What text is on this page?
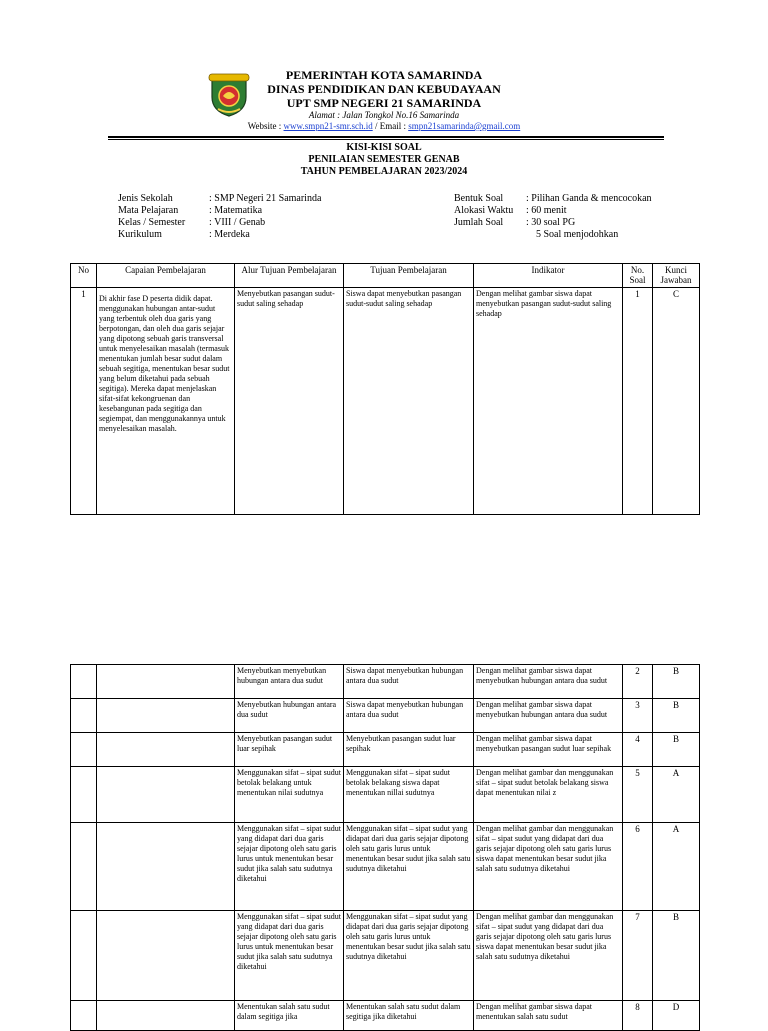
PEMERINTAH KOTA SAMARINDA
DINAS PENDIDIKAN DAN KEBUDAYAAN
UPT SMP NEGERI 21 SAMARINDA
Alamat : Jalan Tongkol No.16 Samarinda
Website : www.smpn21-smr.sch.id / Email : smpn21samarinda@gmail.com
KISI-KISI SOAL
PENILAIAN SEMESTER GENAB
TAHUN PEMBELAJARAN 2023/2024
Jenis Sekolah	: SMP Negeri 21 Samarinda
Mata Pelajaran	: Matematika
Kelas / Semester : VIII / Genab
Kurikulum	: Merdeka
Bentuk Soal : Pilihan Ganda & mencocokan
Alokasi Waktu : 60 menit
Jumlah Soal : 30 soal PG
5 Soal menjodohkan
No	Capaian Pembelajaran	Alur Tujuan Pembelajaran	Tujuan Pembelajaran	Indikator	No. Soal	Kunci Jawaban
1	Di akhir fase D peserta didik dapat. menggunakan hubungan antar-sudut yang terbentuk oleh dua garis yang berpotongan, dan oleh dua garis sejajar yang dipotong sebuah garis transversal untuk menyelesaikan masalah (termasuk menentukan jumlah besar sudut dalam sebuah segitiga, menentukan besar sudut yang belum diketahui pada sebuah segitiga). Mereka dapat menjelaskan sifat-sifat kekongruenan dan kesebangunan pada segitiga dan segiempat, dan menggunakannya untuk menyelesaikan masalah.	Menyebutkan pasangan sudut-sudut saling sehadap	Siswa dapat menyebutkan pasangan sudut-sudut saling sehadap	Dengan melihat gambar siswa dapat menyebutkan pasangan sudut-sudut saling sehadap	1	C
		Menyebutkan menyebutkan hubungan antara dua sudut	Siswa dapat menyebutkan hubungan antara dua sudut	Dengan melihat gambar siswa dapat menyebutkan hubungan antara dua sudut	2	B
		Menyebutkan hubungan antara dua sudut	Siswa dapat menyebutkan hubungan antara dua sudut	Dengan melihat gambar siswa dapat menyebutkan hubungan antara dua sudut	3	B
		Menyebutkan pasangan sudut luar sepihak	Menyebutkan pasangan sudut luar sepihak	Dengan melihat gambar siswa dapat menyebutkan pasangan sudut luar sepihak	4	B
		Menggunakan sifat – sipat sudut betolak belakang untuk menentukan nilai sudutnya	Menggunakan sifat – sipat sudut betolak belakang siswa dapat menentukan nillai sudutnya	Dengan melihat gambar dan menggunakan sifat – sipat sudut betolak belakang siswa dapat menentukan nilai z	5	A
		Menggunakan sifat – sipat sudut yang didapat dari dua garis sejajar dipotong oleh satu garis lurus untuk menentukan besar sudut jika salah satu sudutnya diketahui	Menggunakan sifat – sipat sudut yang didapat dari dua garis sejajar dipotong oleh satu garis lurus untuk menentukan besar sudut jika salah satu sudutnya diketahui	Dengan melihat gambar dan menggunakan sifat – sipat sudut yang didapat dari dua garis sejajar dipotong oleh satu garis lurus siswa dapat menentukan besar sudut jika salah satu sudutnya diketahui	6	A
		Menggunakan sifat – sipat sudut yang didapat dari dua garis sejajar dipotong oleh satu garis lurus untuk menentukan besar sudut jika salah satu sudutnya diketahui	Menggunakan sifat – sipat sudut yang didapat dari dua garis sejajar dipotong oleh satu garis lurus untuk menentukan besar sudut jika salah satu sudutnya diketahui	Dengan melihat gambar dan menggunakan sifat – sipat sudut yang didapat dari dua garis sejajar dipotong oleh satu garis lurus siswa dapat menentukan besar sudut jika salah satu sudutnya diketahui	7	B
		Menentukan salah satu sudut dalam segitiga jika	Menentukan salah satu sudut dalam segitiga jika diketahui	Dengan melihat gambar siswa dapat menentukan salah satu sudut	8	D
